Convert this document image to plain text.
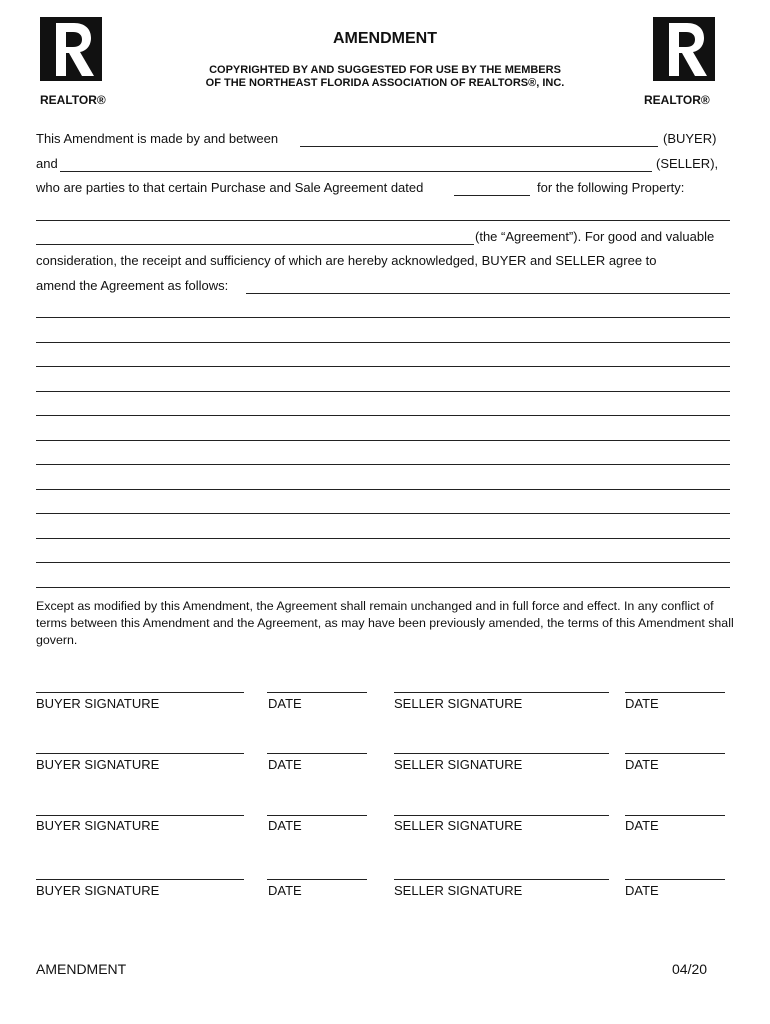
REALTOR®	REALTOR®
AMENDMENT
COPYRIGHTED BY AND SUGGESTED FOR USE BY THE MEMBERS
OF THE NORTHEAST FLORIDA ASSOCIATION OF REALTORS®, INC.
This Amendment is made by and between	(BUYER)
and	(SELLER),
who are parties to that certain Purchase and Sale Agreement dated	for the following Property:
(the “Agreement”). For good and valuable
consideration, the receipt and sufficiency of which are hereby acknowledged, BUYER and SELLER agree to
amend the Agreement as follows:
Except as modified by this Amendment, the Agreement shall remain unchanged and in full force and effect. In any conflict of terms between this Amendment and the Agreement, as may have been previously amended, the terms of this Amendment shall govern.
BUYER SIGNATURE	DATE	SELLER SIGNATURE	DATE
BUYER SIGNATURE	DATE	SELLER SIGNATURE	DATE
BUYER SIGNATURE	DATE	SELLER SIGNATURE	DATE
BUYER SIGNATURE	DATE	SELLER SIGNATURE	DATE
AMENDMENT	04/20
